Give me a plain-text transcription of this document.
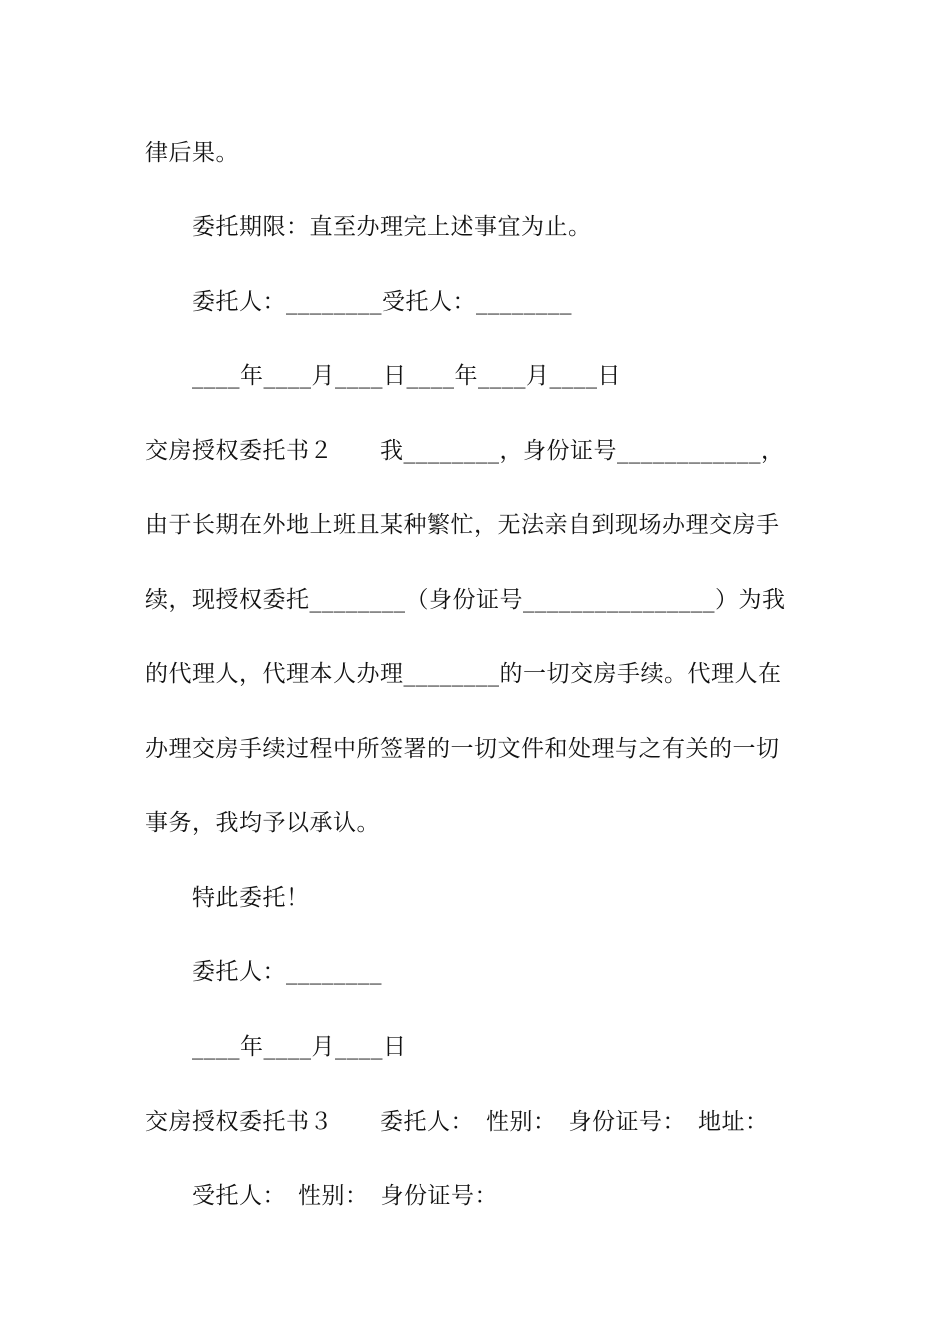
律后果。
委托期限：直至办理完上述事宜为止。
委托人：________受托人：________
____年____月____日____年____月____日
交房授权委托书２　　我________，身份证号____________，
由于长期在外地上班且某种繁忙，无法亲自到现场办理交房手
续，现授权委托________（身份证号________________）为我
的代理人，代理本人办理________的一切交房手续。代理人在
办理交房手续过程中所签署的一切文件和处理与之有关的一切
事务，我均予以承认。
特此委托！
委托人：________
____年____月____日
交房授权委托书３　　委托人：　性别：　身份证号：　地址：
受托人：　性别：　身份证号：
